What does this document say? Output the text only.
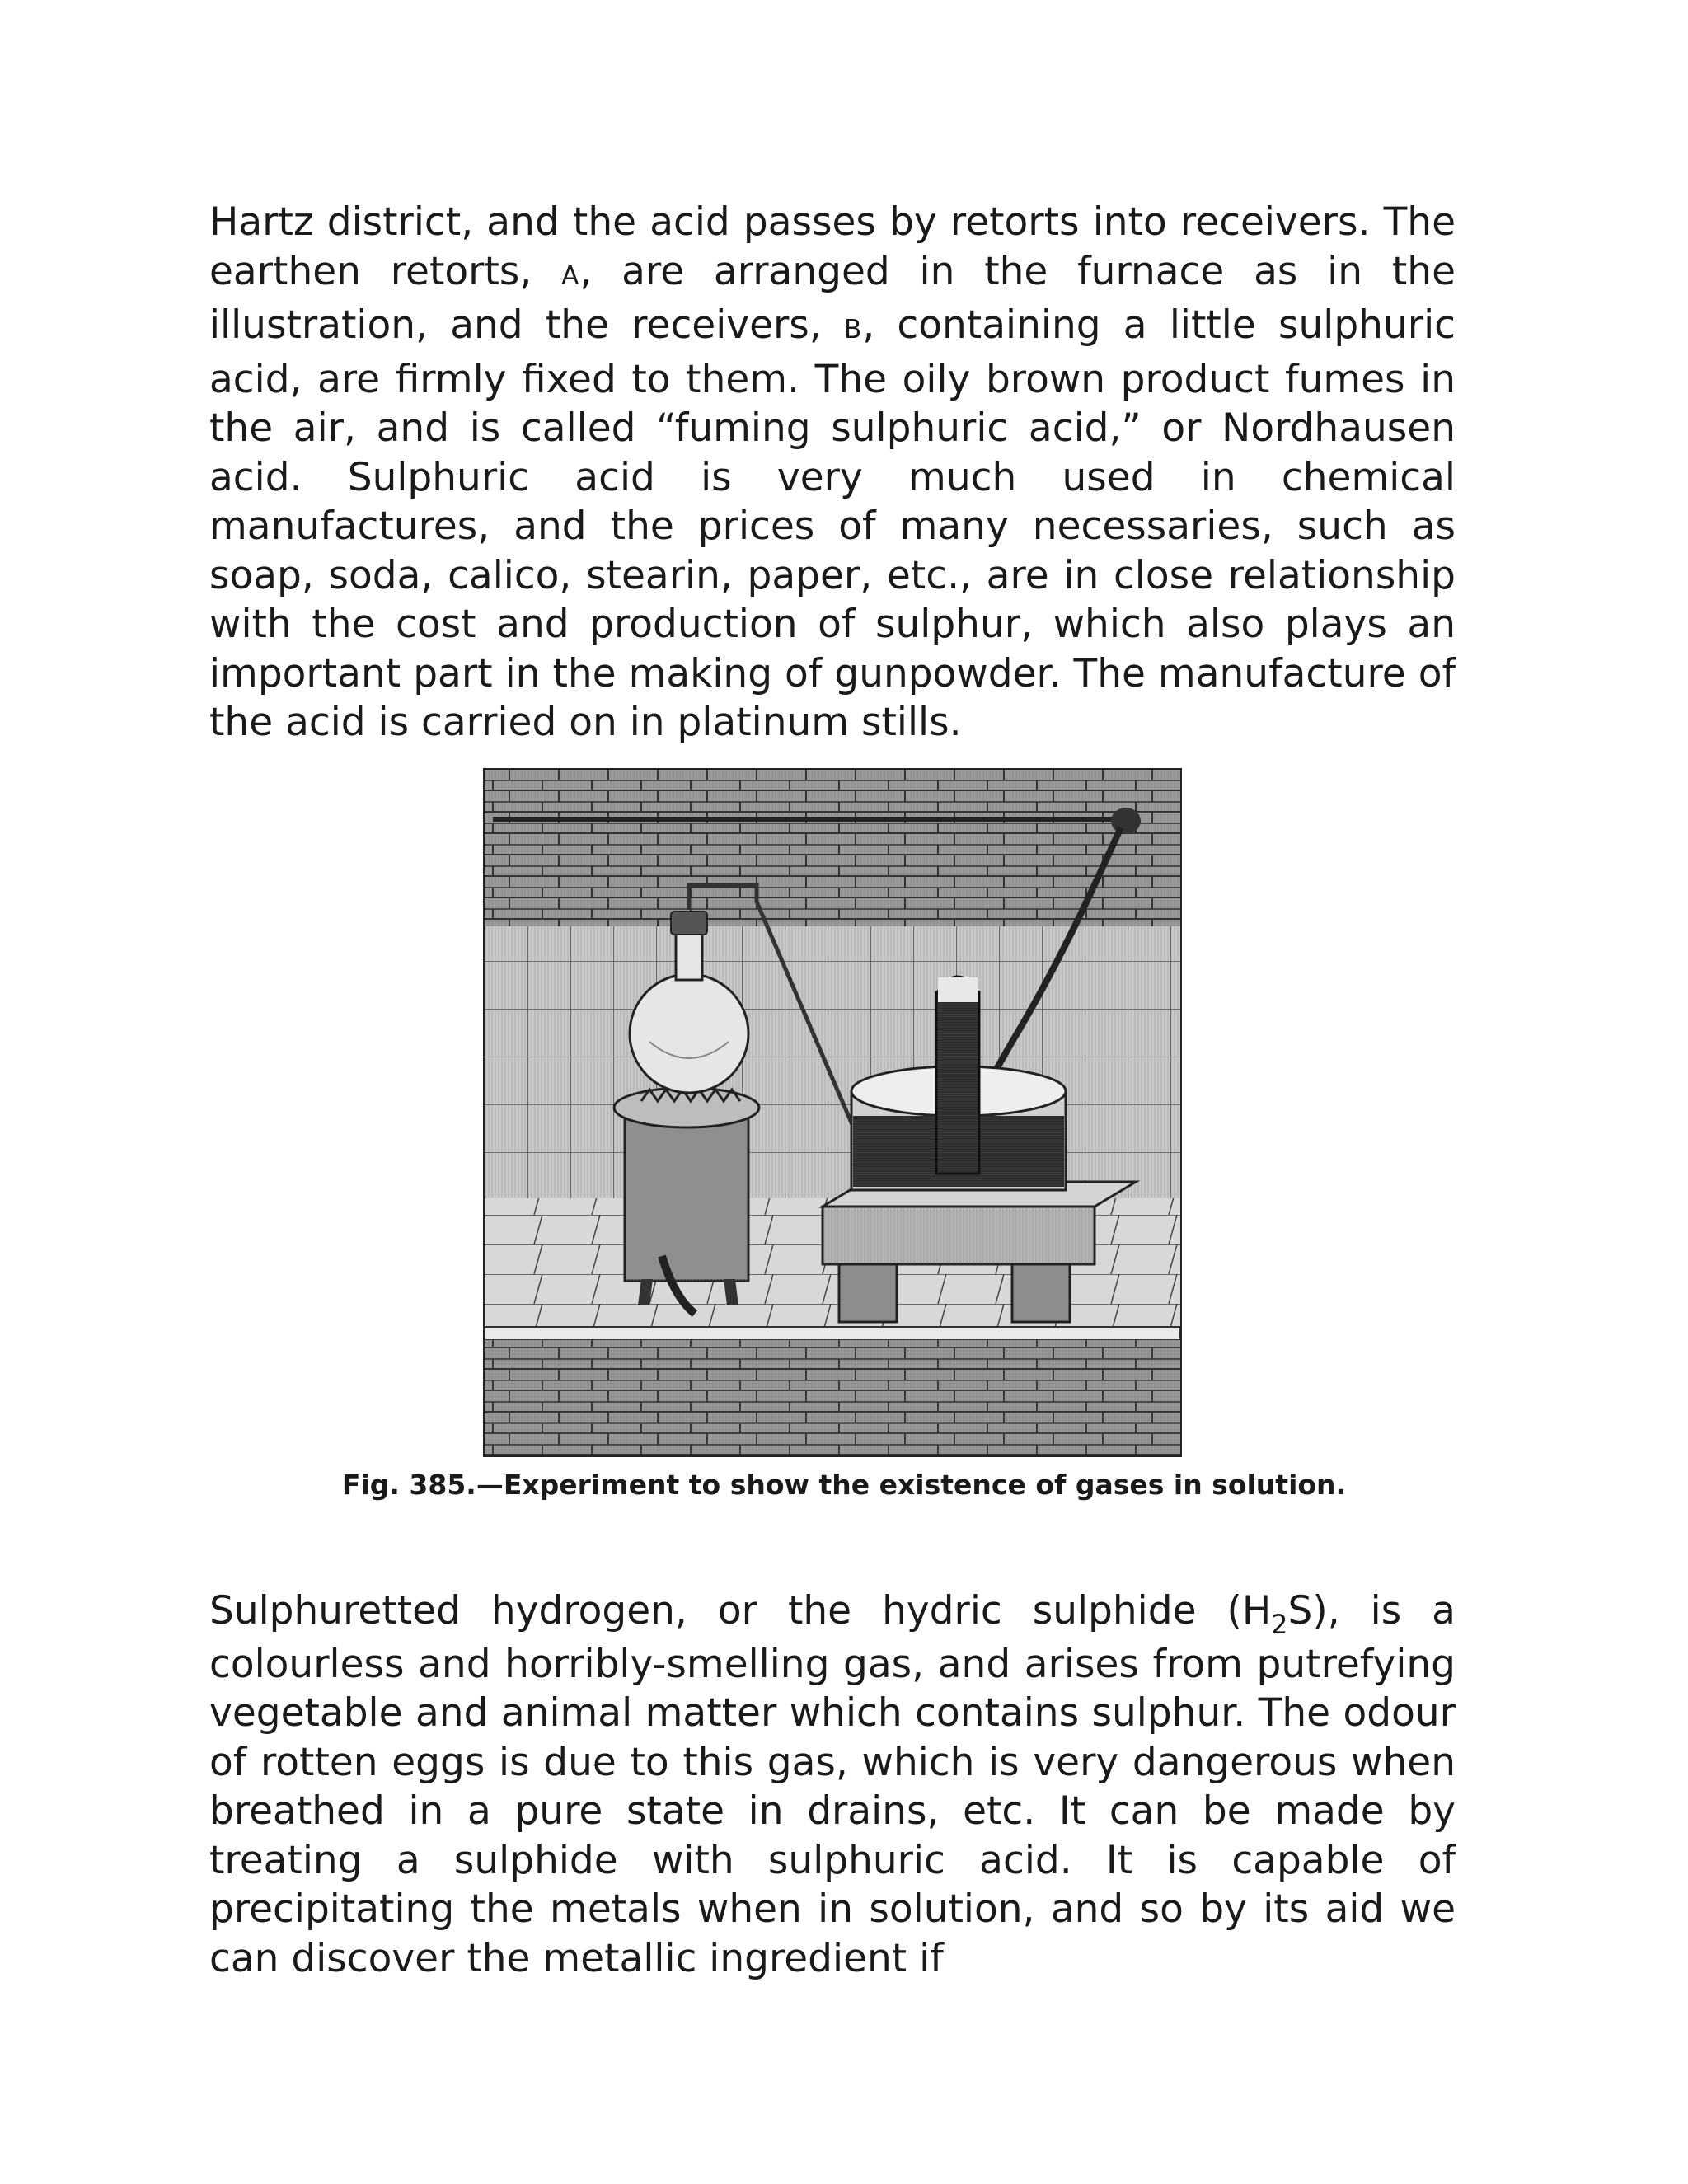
Hartz district, and the acid passes by retorts into receivers. The earthen retorts, A, are arranged in the furnace as in the illustration, and the receivers, B, containing a little sulphuric acid, are firmly fixed to them. The oily brown product fumes in the air, and is called “fuming sulphuric acid,” or Nordhausen acid. Sulphuric acid is very much used in chemical manufactures, and the prices of many necessaries, such as soap, soda, calico, stearin, paper, etc., are in close relationship with the cost and production of sulphur, which also plays an important part in the making of gunpowder. The manufacture of the acid is carried on in platinum stills.
Fig. 385.—Experiment to show the existence of gases in solution.
Sulphuretted hydrogen, or the hydric sulphide $(H_2S)$, is a colourless and horribly-smelling gas, and arises from putrefying vegetable and animal matter which contains sulphur. The odour of rotten eggs is due to this gas, which is very dangerous when breathed in a pure state in drains, etc. It can be made by treating a sulphide with sulphuric acid. It is capable of precipitating the metals when in solution, and so by its aid we can discover the metallic ingredient if
